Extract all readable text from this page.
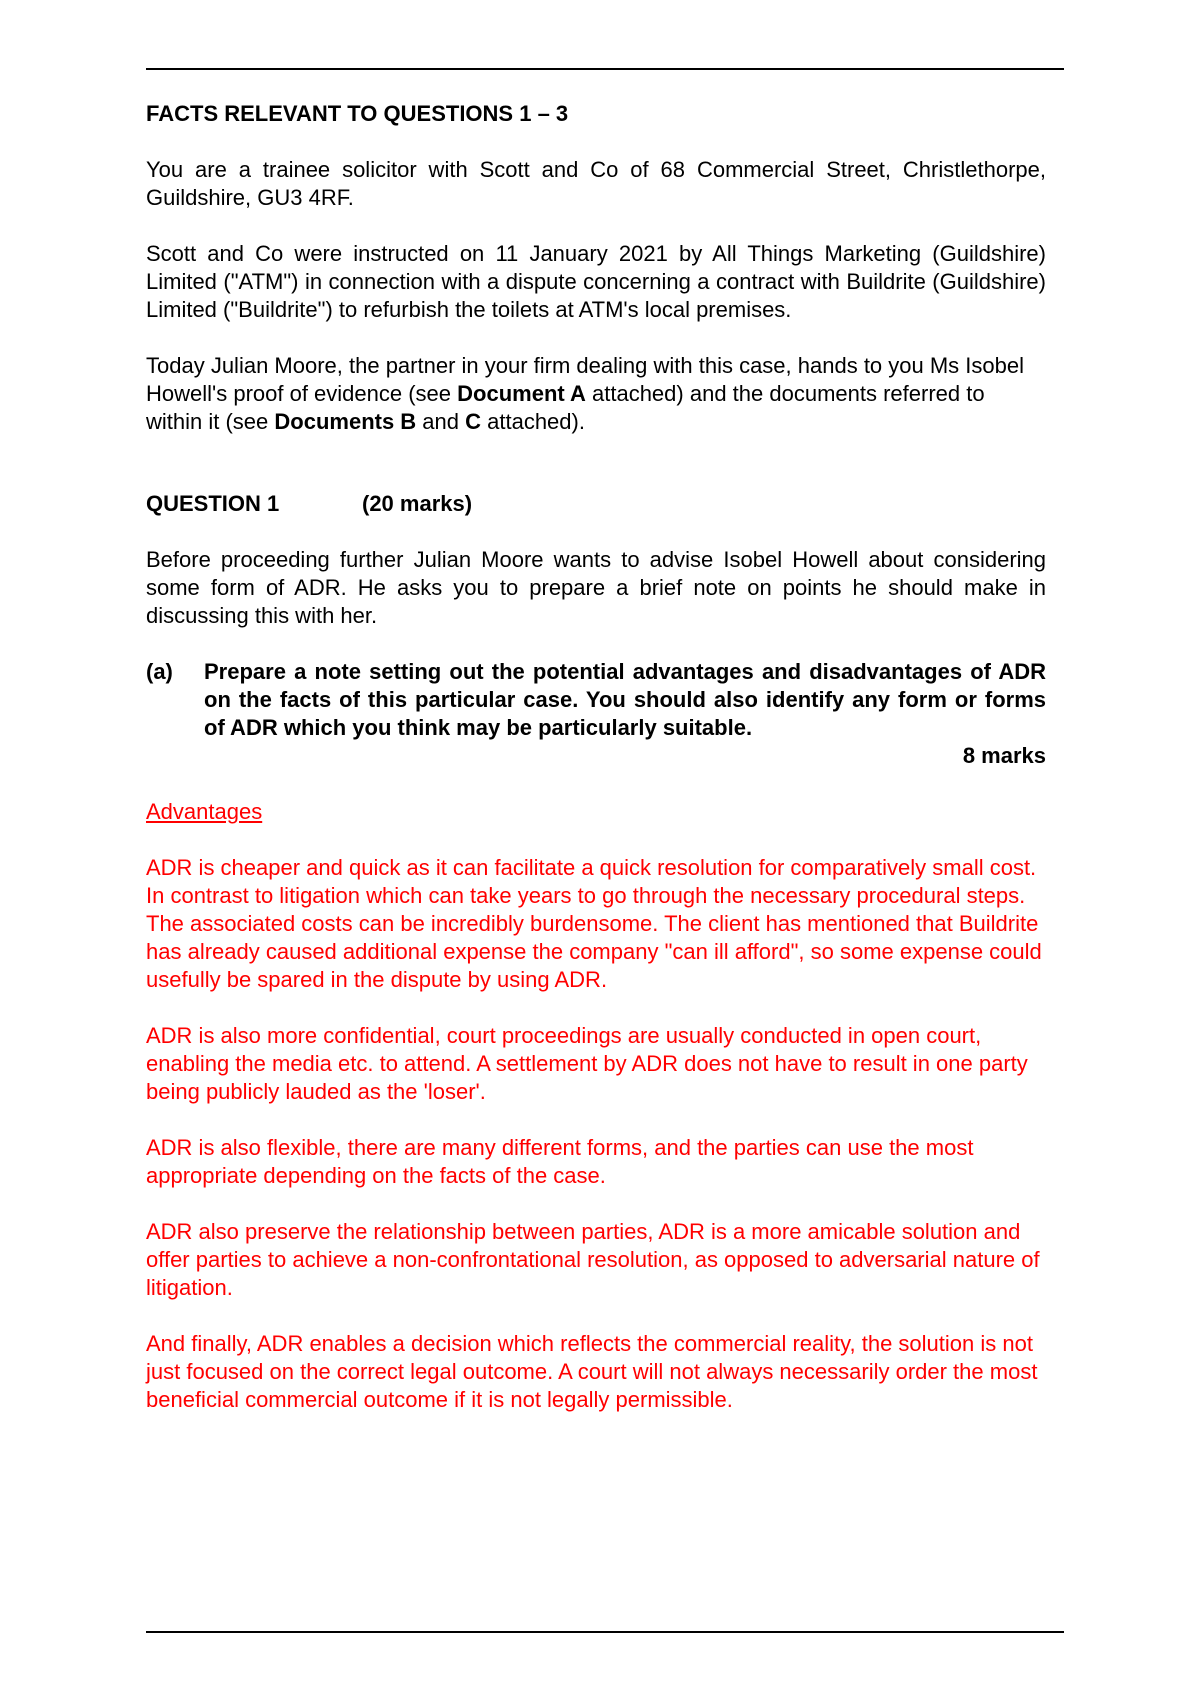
FACTS RELEVANT TO QUESTIONS 1 – 3

You are a trainee solicitor with Scott and Co of 68 Commercial Street, Christlethorpe, Guildshire, GU3 4RF.

Scott and Co were instructed on 11 January 2021 by All Things Marketing (Guildshire) Limited ("ATM") in connection with a dispute concerning a contract with Buildrite (Guildshire) Limited ("Buildrite") to refurbish the toilets at ATM's local premises.

Today Julian Moore, the partner in your firm dealing with this case, hands to you Ms Isobel Howell's proof of evidence (see Document A attached) and the documents referred to within it (see Documents B and C attached).

QUESTION 1	(20 marks)

Before proceeding further Julian Moore wants to advise Isobel Howell about considering some form of ADR. He asks you to prepare a brief note on points he should make in discussing this with her.

(a)	Prepare a note setting out the potential advantages and disadvantages of ADR on the facts of this particular case. You should also identify any form or forms of ADR which you think may be particularly suitable.
8 marks
Advantages

ADR is cheaper and quick as it can facilitate a quick resolution for comparatively small cost. In contrast to litigation which can take years to go through the necessary procedural steps. The associated costs can be incredibly burdensome. The client has mentioned that Buildrite has already caused additional expense the company "can ill afford", so some expense could usefully be spared in the dispute by using ADR.

ADR is also more confidential, court proceedings are usually conducted in open court, enabling the media etc. to attend. A settlement by ADR does not have to result in one party being publicly lauded as the 'loser'.

ADR is also flexible, there are many different forms, and the parties can use the most appropriate depending on the facts of the case.

ADR also preserve the relationship between parties, ADR is a more amicable solution and offer parties to achieve a non-confrontational resolution, as opposed to adversarial nature of litigation.

And finally, ADR enables a decision which reflects the commercial reality, the solution is not just focused on the correct legal outcome. A court will not always necessarily order the most beneficial commercial outcome if it is not legally permissible.
